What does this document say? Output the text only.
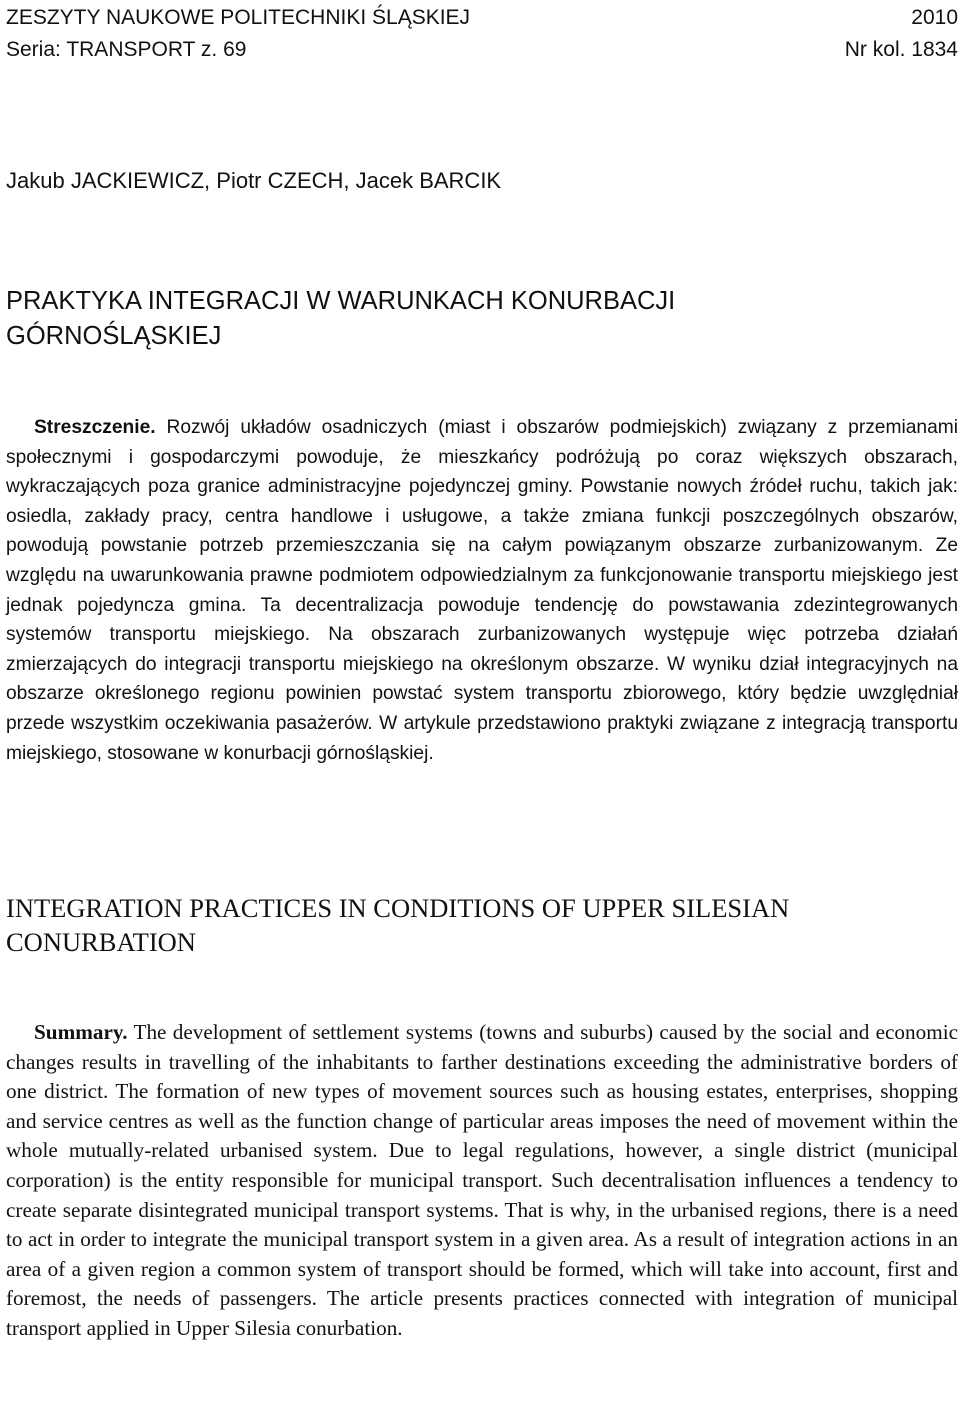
ZESZYTY NAUKOWE POLITECHNIKI ŚLĄSKIEJ	2010
Seria: TRANSPORT z. 69	Nr kol. 1834
Jakub JACKIEWICZ, Piotr CZECH, Jacek BARCIK
PRAKTYKA INTEGRACJI W WARUNKACH KONURBACJI
GÓRNOŚLĄSKIEJ

Streszczenie. Rozwój układów osadniczych (miast i obszarów podmiejskich) związany z przemianami społecznymi i gospodarczymi powoduje, że mieszkańcy podróżują po coraz większych obszarach, wykraczających poza granice administracyjne pojedynczej gminy. Powstanie nowych źródeł ruchu, takich jak: osiedla, zakłady pracy, centra handlowe i usługowe, a także zmiana funkcji poszczególnych obszarów, powodują powstanie potrzeb przemieszczania się na całym powiązanym obszarze zurbanizowanym. Ze względu na uwarunkowania prawne podmiotem odpowiedzialnym za funkcjonowanie transportu miejskiego jest jednak pojedyncza gmina. Ta decentralizacja powoduje tendencję do powstawania zdezintegrowanych systemów transportu miejskiego. Na obszarach zurbanizowanych występuje więc potrzeba działań zmierzających do integracji transportu miejskiego na określonym obszarze. W wyniku dział integracyjnych na obszarze określonego regionu powinien powstać system transportu zbiorowego, który będzie uwzględniał przede wszystkim oczekiwania pasażerów. W artykule przedstawiono praktyki związane z integracją transportu miejskiego, stosowane w konurbacji górnośląskiej.

INTEGRATION PRACTICES IN CONDITIONS OF UPPER SILESIAN
CONURBATION

Summary. The development of settlement systems (towns and suburbs) caused by the social and economic changes results in travelling of the inhabitants to farther destinations exceeding the administrative borders of one district. The formation of new types of movement sources such as housing estates, enterprises, shopping and service centres as well as the function change of particular areas imposes the need of movement within the whole mutually-related urbanised system. Due to legal regulations, however, a single district (municipal corporation) is the entity responsible for municipal transport. Such decentralisation influences a tendency to create separate disintegrated municipal transport systems. That is why, in the urbanised regions, there is a need to act in order to integrate the municipal transport system in a given area. As a result of integration actions in an area of a given region a common system of transport should be formed, which will take into account, first and foremost, the needs of passengers. The article presents practices connected with integration of municipal transport applied in Upper Silesia conurbation.
